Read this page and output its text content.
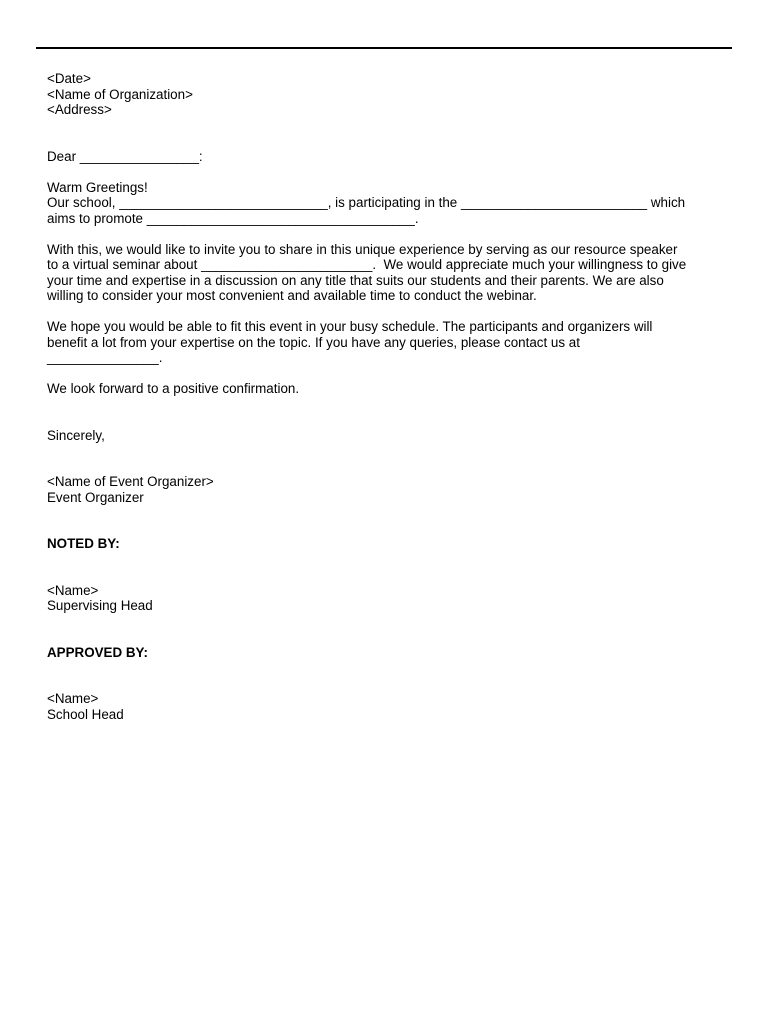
<Date>
<Name of Organization>
<Address>
Dear ________________:
Warm Greetings!
Our school, ____________________________, is participating in the _________________________ which
aims to promote ____________________________________.
With this, we would like to invite you to share in this unique experience by serving as our resource speaker
to a virtual seminar about _______________________.  We would appreciate much your willingness to give
your time and expertise in a discussion on any title that suits our students and their parents. We are also
willing to consider your most convenient and available time to conduct the webinar.
We hope you would be able to fit this event in your busy schedule. The participants and organizers will
benefit a lot from your expertise on the topic. If you have any queries, please contact us at
_______________.
We look forward to a positive confirmation.
Sincerely,
<Name of Event Organizer>
Event Organizer
NOTED BY:
<Name>
Supervising Head
APPROVED BY:
<Name>
School Head
